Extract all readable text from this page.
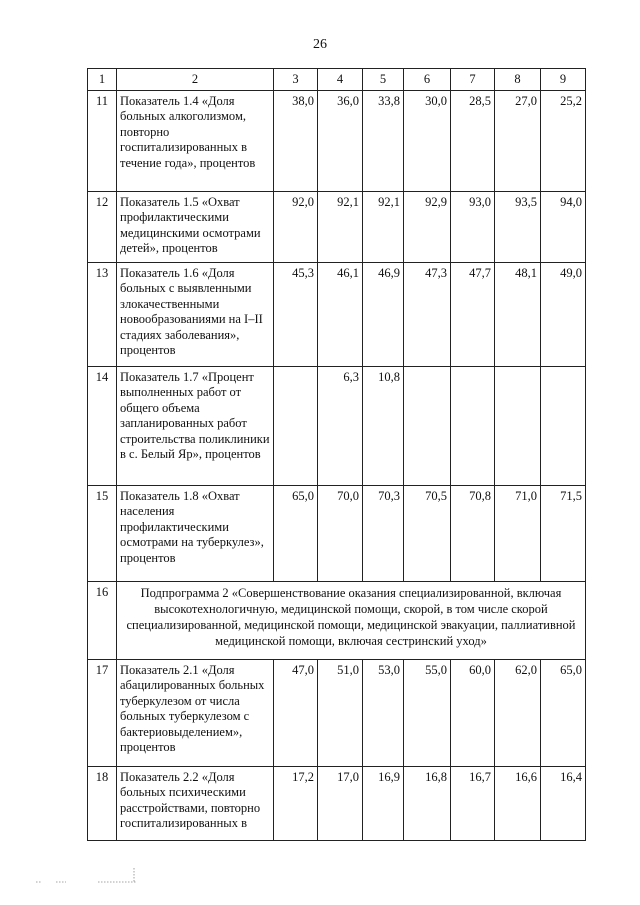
26
1	2	3	4	5	6	7	8	9
11	Показатель 1.4 «Доля больных алкоголизмом, повторно госпитализированных в течение года», процентов	38,0	36,0	33,8	30,0	28,5	27,0	25,2
12	Показатель 1.5 «Охват профилактическими медицинскими осмотрами детей», процентов	92,0	92,1	92,1	92,9	93,0	93,5	94,0
13	Показатель 1.6 «Доля больных с выявленными злокачественными новообразованиями на I–II стадиях заболевания», процентов	45,3	46,1	46,9	47,3	47,7	48,1	49,0
14	Показатель 1.7 «Процент выполненных работ от общего объема запланированных работ строительства поликлиники в с. Белый Яр», процентов		6,3	10,8				
15	Показатель 1.8 «Охват населения профилактическими осмотрами на туберкулез», процентов	65,0	70,0	70,3	70,5	70,8	71,0	71,5
16	Подпрограмма 2 «Совершенствование оказания специализированной, включая высокотехнологичную, медицинской помощи, скорой, в том числе скорой специализированной, медицинской помощи, медицинской эвакуации, паллиативной медицинской помощи, включая сестринский уход»							
17	Показатель 2.1 «Доля абацилированных больных туберкулезом от числа больных туберкулезом с бактериовыделением», процентов	47,0	51,0	53,0	55,0	60,0	62,0	65,0
18	Показатель 2.2 «Доля больных психическими расстройствами, повторно госпитализированных в	17,2	17,0	16,9	16,8	16,7	16,6	16,4
